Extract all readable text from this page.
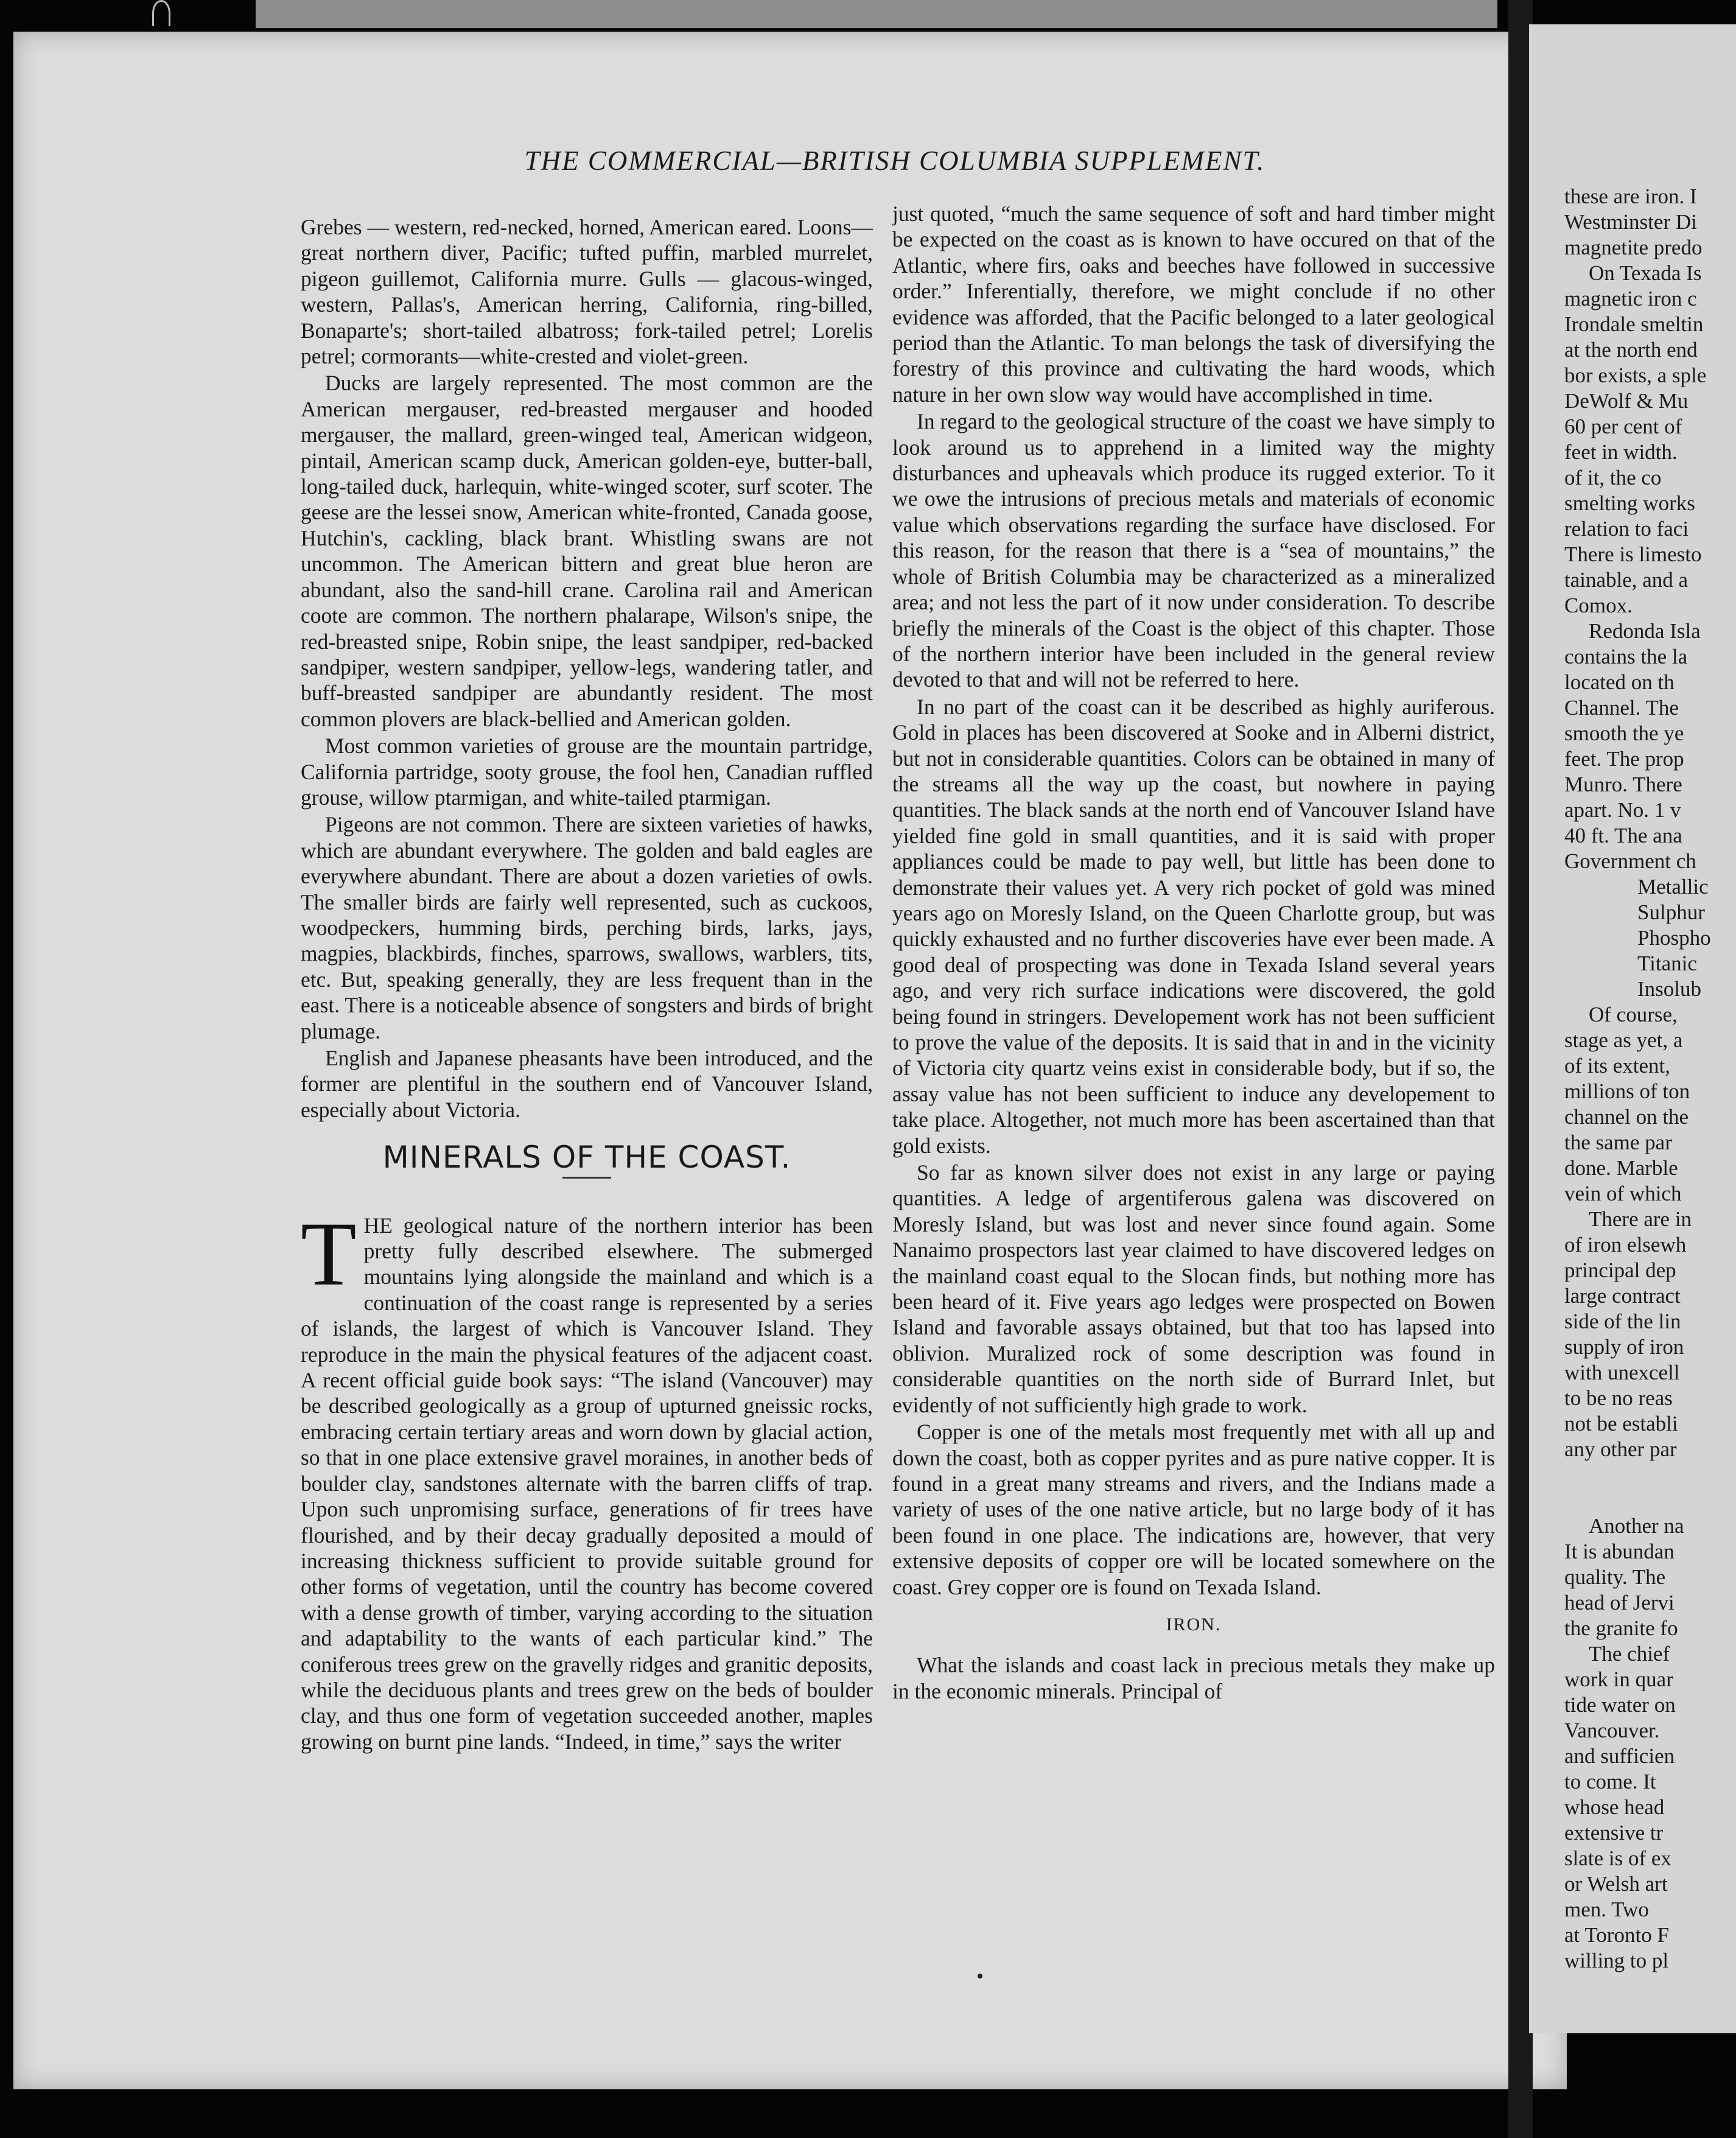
THE COMMERCIAL—BRITISH COLUMBIA SUPPLEMENT.

Grebes — western, red-necked, horned, American eared. Loons—great northern diver, Pacific; tufted puffin, marbled murrelet, pigeon guillemot, California murre. Gulls — glacous-winged, western, Pallas's, American herring, California, ring-billed, Bonaparte's; short-tailed albatross; fork-tailed petrel; Lorelis petrel; cormorants—white-crested and violet-green.

Ducks are largely represented. The most common are the American mergauser, red-breasted mergauser and hooded mergauser, the mallard, green-winged teal, American widgeon, pintail, American scamp duck, American golden-eye, butter-ball, long-tailed duck, harlequin, white-winged scoter, surf scoter. The geese are the lessei snow, American white-fronted, Canada goose, Hutchin's, cackling, black brant. Whistling swans are not uncommon. The American bittern and great blue heron are abundant, also the sand-hill crane. Carolina rail and American coote are common. The northern phalarape, Wilson's snipe, the red-breasted snipe, Robin snipe, the least sandpiper, red-backed sandpiper, western sandpiper, yellow-legs, wandering tatler, and buff-breasted sandpiper are abundantly resident. The most common plovers are black-bellied and American golden.

Most common varieties of grouse are the mountain partridge, California partridge, sooty grouse, the fool hen, Canadian ruffled grouse, willow ptarmigan, and white-tailed ptarmigan.

Pigeons are not common. There are sixteen varieties of hawks, which are abundant everywhere. The golden and bald eagles are everywhere abundant. There are about a dozen varieties of owls. The smaller birds are fairly well represented, such as cuckoos, woodpeckers, humming birds, perching birds, larks, jays, magpies, blackbirds, finches, sparrows, swallows, warblers, tits, etc. But, speaking generally, they are less frequent than in the east. There is a noticeable absence of songsters and birds of bright plumage.

English and Japanese pheasants have been introduced, and the former are plentiful in the southern end of Vancouver Island, especially about Victoria.

MINERALS OF THE COAST.

THE geological nature of the northern interior has been pretty fully described elsewhere. The submerged mountains lying alongside the mainland and which is a continuation of the coast range is represented by a series of islands, the largest of which is Vancouver Island. They reproduce in the main the physical features of the adjacent coast. A recent official guide book says: “The island (Vancouver) may be described geologically as a group of upturned gneissic rocks, embracing certain tertiary areas and worn down by glacial action, so that in one place extensive gravel moraines, in another beds of boulder clay, sandstones alternate with the barren cliffs of trap. Upon such unpromising surface, generations of fir trees have flourished, and by their decay gradually deposited a mould of increasing thickness sufficient to provide suitable ground for other forms of vegetation, until the country has become covered with a dense growth of timber, varying according to the situation and adaptability to the wants of each particular kind.” The coniferous trees grew on the gravelly ridges and granitic deposits, while the deciduous plants and trees grew on the beds of boulder clay, and thus one form of vegetation succeeded another, maples growing on burnt pine lands. “Indeed, in time,” says the writer

just quoted, “much the same sequence of soft and hard timber might be expected on the coast as is known to have occured on that of the Atlantic, where firs, oaks and beeches have followed in successive order.” Inferentially, therefore, we might conclude if no other evidence was afforded, that the Pacific belonged to a later geological period than the Atlantic. To man belongs the task of diversifying the forestry of this province and cultivating the hard woods, which nature in her own slow way would have accomplished in time.

In regard to the geological structure of the coast we have simply to look around us to apprehend in a limited way the mighty disturbances and upheavals which produce its rugged exterior. To it we owe the intrusions of precious metals and materials of economic value which observations regarding the surface have disclosed. For this reason, for the reason that there is a “sea of mountains,” the whole of British Columbia may be characterized as a mineralized area; and not less the part of it now under consideration. To describe briefly the minerals of the Coast is the object of this chapter. Those of the northern interior have been included in the general review devoted to that and will not be referred to here.

In no part of the coast can it be described as highly auriferous. Gold in places has been discovered at Sooke and in Alberni district, but not in considerable quantities. Colors can be obtained in many of the streams all the way up the coast, but nowhere in paying quantities. The black sands at the north end of Vancouver Island have yielded fine gold in small quantities, and it is said with proper appliances could be made to pay well, but little has been done to demonstrate their values yet. A very rich pocket of gold was mined years ago on Moresly Island, on the Queen Charlotte group, but was quickly exhausted and no further discoveries have ever been made. A good deal of prospecting was done in Texada Island several years ago, and very rich surface indications were discovered, the gold being found in stringers. Developement work has not been sufficient to prove the value of the deposits. It is said that in and in the vicinity of Victoria city quartz veins exist in considerable body, but if so, the assay value has not been sufficient to induce any developement to take place. Altogether, not much more has been ascertained than that gold exists.

So far as known silver does not exist in any large or paying quantities. A ledge of argentiferous galena was discovered on Moresly Island, but was lost and never since found again. Some Nanaimo prospectors last year claimed to have discovered ledges on the mainland coast equal to the Slocan finds, but nothing more has been heard of it. Five years ago ledges were prospected on Bowen Island and favorable assays obtained, but that too has lapsed into oblivion. Muralized rock of some description was found in considerable quantities on the north side of Burrard Inlet, but evidently of not sufficiently high grade to work.

Copper is one of the metals most frequently met with all up and down the coast, both as copper pyrites and as pure native copper. It is found in a great many streams and rivers, and the Indians made a variety of uses of the one native article, but no large body of it has been found in one place. The indications are, however, that very extensive deposits of copper ore will be located somewhere on the coast. Grey copper ore is found on Texada Island.

IRON.

What the islands and coast lack in precious metals they make up in the economic minerals. Principal of

these are iron. I
Westminster Di
magnetite predo
On Texada Is
magnetic iron c
Irondale smeltin
at the north end
bor exists, a sple
DeWolf & Mu
60 per cent of
feet in width.
of it, the co
smelting works
relation to faci
There is limesto
tainable, and a
Comox.
Redonda Isla
contains the la
located on th
Channel. The
smooth the ye
feet. The prop
Munro. There
apart. No. 1 v
40 ft. The ana
Government ch
Metallic
Sulphur
Phospho
Titanic
Insolub
Of course,
stage as yet, a
of its extent,
millions of ton
channel on the
the same par
done. Marble
vein of which
There are in
of iron elsewh
principal dep
large contract
side of the lin
supply of iron
with unexcell
to be no reas
not be establi
any other par
Another na
It is abundan
quality. The
head of Jervi
the granite fo
The chief
work in quar
tide water on
Vancouver.
and sufficien
to come. It
whose head
extensive tr
slate is of ex
or Welsh art
men. Two
at Toronto F
willing to pl
